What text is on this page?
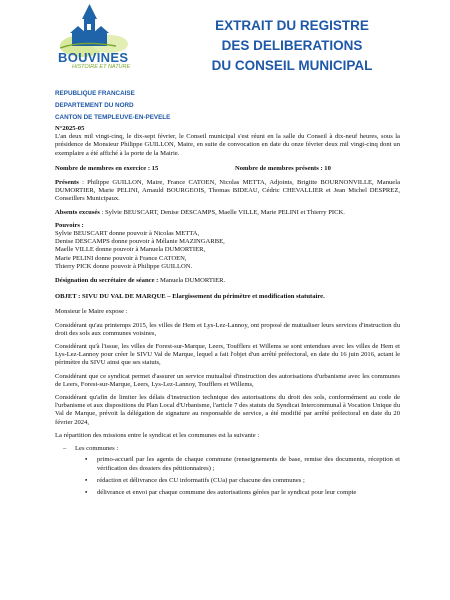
BOUVINES
HISTOIRE ET NATURE
EXTRAIT DU REGISTRE
DES DELIBERATIONS
DU CONSEIL MUNICIPAL
REPUBLIQUE FRANCAISE
DEPARTEMENT DU NORD
CANTON DE TEMPLEUVE-EN-PEVELE
N°2025-05

L'an deux mil vingt-cinq, le dix-sept février, le Conseil municipal s'est réuni en la salle du Conseil à dix-neuf heures, sous la présidence de Monsieur Philippe GUILLON, Maire, en suite de convocation en date du onze février deux mil vingt-cinq dont un exemplaire a été affiché à la porte de la Mairie.

Nombre de membres en exercice : 15	Nombre de membres présents : 10

Présents : Philippe GUILLON, Maire, France CATOEN, Nicolas METTA, Adjoints, Brigitte BOURNONVILLE, Manuela DUMORTIER, Marie PELINI, Arnauld BOURGEOIS, Thomas BIDEAU, Cédric CHEVALLIER et Jean Michel DESPREZ, Conseillers Municipaux.

Absents excusés : Sylvie BEUSCART, Denise DESCAMPS, Maelle VILLE, Marie PELINI et Thierry PICK.

Pouvoirs :
Sylvie BEUSCART donne pouvoir à Nicolas METTA,
Denise DESCAMPS donne pouvoir à Mélanie MAZINGARBE,
Maelle VILLE donne pouvoir à Manuela DUMORTIER,
Marie PELINI donne pouvoir à France CATOEN,
Thierry PICK donne pouvoir à Philippe GUILLON.

Désignation du secrétaire de séance : Manuela DUMORTIER.

OBJET : SIVU DU VAL DE MARQUE – Elargissement du périmètre et modification statutaire.

Monsieur le Maire expose :

Considérant qu'au printemps 2015, les villes de Hem et Lys-Lez-Lannoy, ont proposé de mutualiser leurs services d'instruction du droit des sols aux communes voisines,

Considérant qu'à l'issue, les villes de Forest-sur-Marque, Leers, Toufflers et Willems se sont entendues avec les villes de Hem et Lys-Lez-Lannoy pour créer le SIVU Val de Marque, lequel a fait l'objet d'un arrêté préfectoral, en date du 16 juin 2016, actant le périmètre du SIVU ainsi que ses statuts,

Considérant que ce syndicat permet d'assurer un service mutualisé d'instruction des autorisations d'urbanisme avec les communes de Leers, Forest-sur-Marque, Leers, Lys-Lez-Lannoy, Toufflers et Willems,

Considérant qu'afin de limiter les délais d'instruction technique des autorisations du droit des sols, conformément au code de l'urbanisme et aux dispositions du Plan Local d'Urbanisme, l'article 7 des statuts du Syndicat Intercommunal à Vocation Unique du Val de Marque, prévoit la délégation de signature au responsable de service, a été modifié par arrêté préfectoral en date du 20 février 2024,

La répartition des missions entre le syndicat et les communes est la suivante :

– Les communes :
• primo-accueil par les agents de chaque commune (renseignements de base, remise des documents, réception et vérification des dossiers des pétitionnaires) ;
• rédaction et délivrance des CU informatifs (CUa) par chacune des communes ;
• délivrance et envoi par chaque commune des autorisations gérées par le syndicat pour leur compte
